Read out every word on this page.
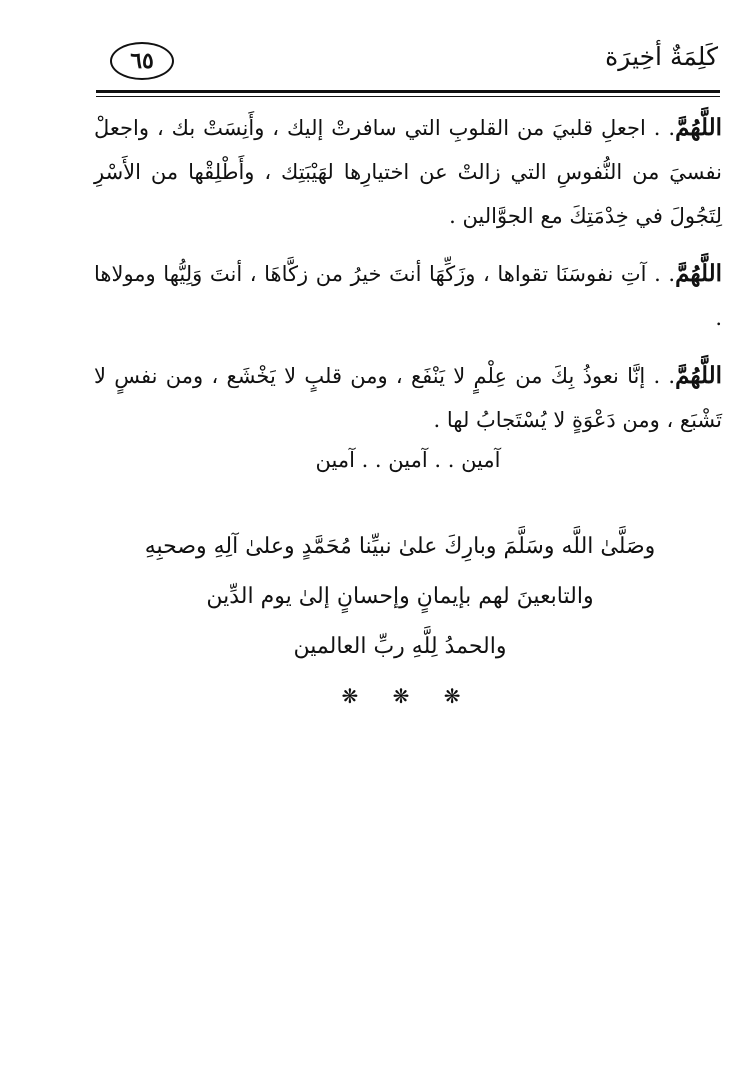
٦٥	كَلِمَةٌ أخِيرَة

اللَّهُمَّ. . اجعلِ قلبيَ من القلوبِ التي سافرتْ إليك ، وأَنِسَتْ بك ، واجعلْ نفسيَ من النُّفوسِ التي زالتْ عن اختيارِها لهَيْبَتِك ، وأَطْلِقْها من الأَسْرِ لِتَجُولَ في خِدْمَتِكَ مع الجوَّالين .

اللَّهُمَّ. . آتِ نفوسَنَا تقواها ، وزَكِّهَا أنتَ خيرُ من زكَّاهَا ، أنتَ وَلِيُّها ومولاها .

اللَّهُمَّ. . إنَّا نعوذُ بِكَ من عِلْمٍ لا يَنْفَع ، ومن قلبٍ لا يَخْشَع ، ومن نفسٍ لا تَشْبَع ، ومن دَعْوَةٍ لا يُسْتَجابُ لها .

آمين . . آمين . . آمين
وصَلَّىٰ اللَّه وسَلَّمَ وبارِكَ علىٰ نبيِّنا مُحَمَّدٍ وعلىٰ آلِهِ وصحبِهِ
والتابعينَ لهم بإيمانٍ وإحسانٍ إلىٰ يوم الدِّين
والحمدُ لِلَّهِ ربِّ العالمين
❋ ❋ ❋
